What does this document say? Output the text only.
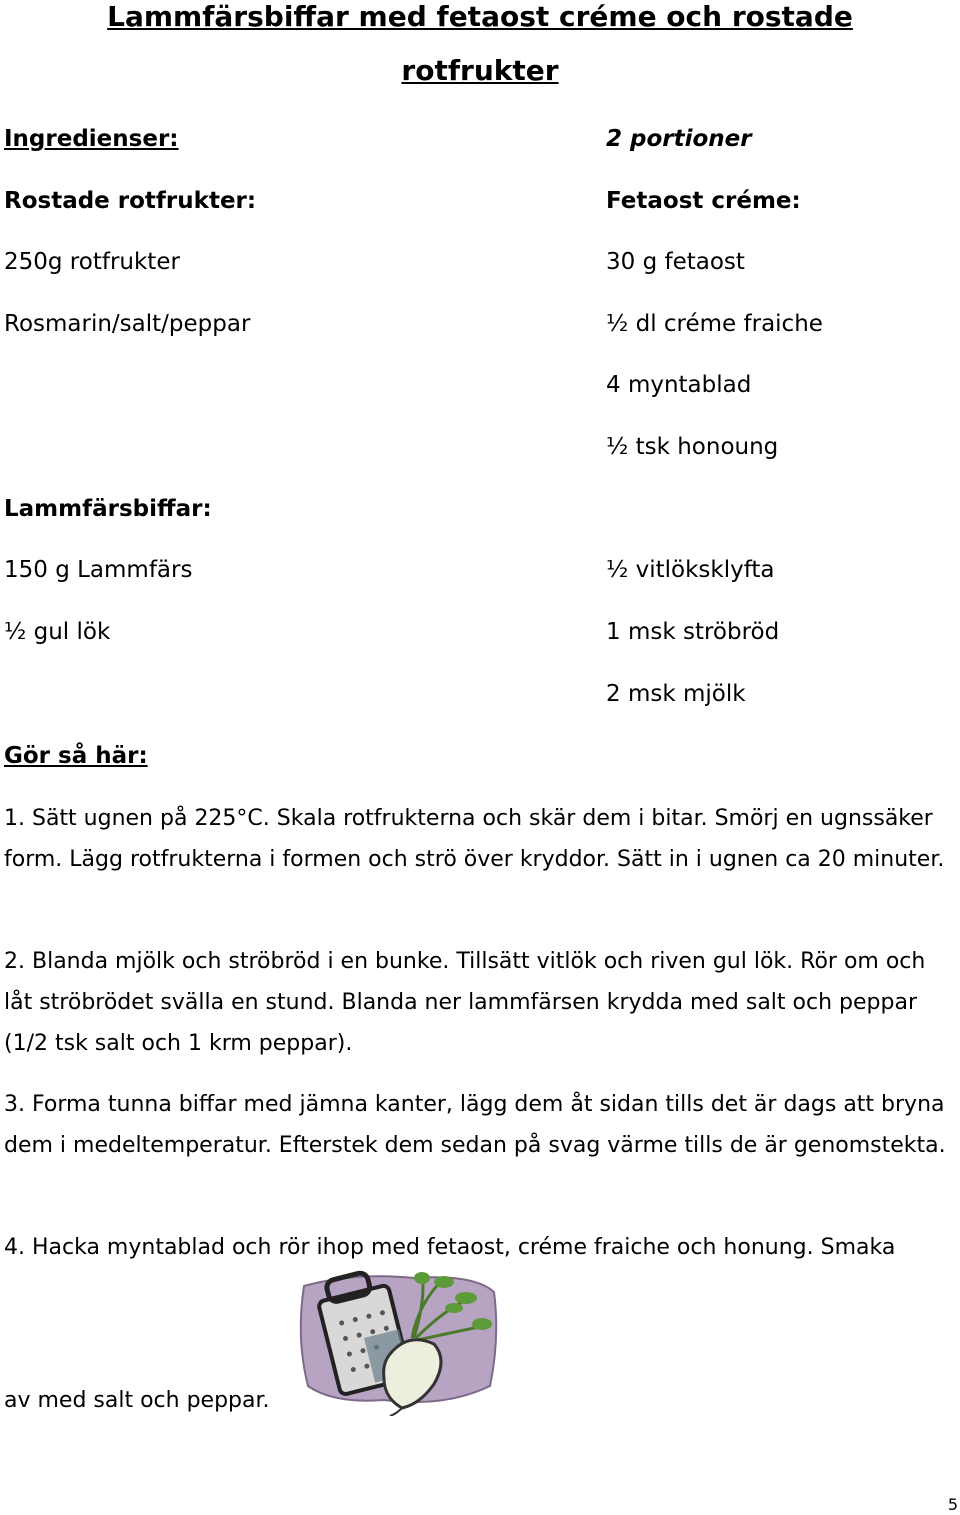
Lammfärsbiffar med fetaost créme och rostade
rotfrukter
Ingredienser:	2 portioner
Rostade rotfrukter:
250g rotfrukter
Rosmarin/salt/peppar
Fetaost créme:
30 g fetaost
½ dl créme fraiche
4 myntablad
½ tsk honoung
Lammfärsbiffar:
150 g Lammfärs
½ gul lök
½ vitlöksklyfta
1 msk ströbröd
2 msk mjölk
Gör så här:
1. Sätt ugnen på 225°C. Skala rotfrukterna och skär dem i bitar. Smörj en ugnssäker form. Lägg rotfrukterna i formen och strö över kryddor. Sätt in i ugnen ca 20 minuter.
2. Blanda mjölk och ströbröd i en bunke. Tillsätt vitlök och riven gul lök. Rör om och låt ströbrödet svälla en stund. Blanda ner lammfärsen krydda med salt och peppar (1/2 tsk salt och 1 krm peppar).
3. Forma tunna biffar med jämna kanter, lägg dem åt sidan tills det är dags att bryna dem i medeltemperatur. Efterstek dem sedan på svag värme tills de är genomstekta.
4. Hacka myntablad och rör ihop med fetaost, créme fraiche och honung. Smaka
av med salt och peppar.
5
